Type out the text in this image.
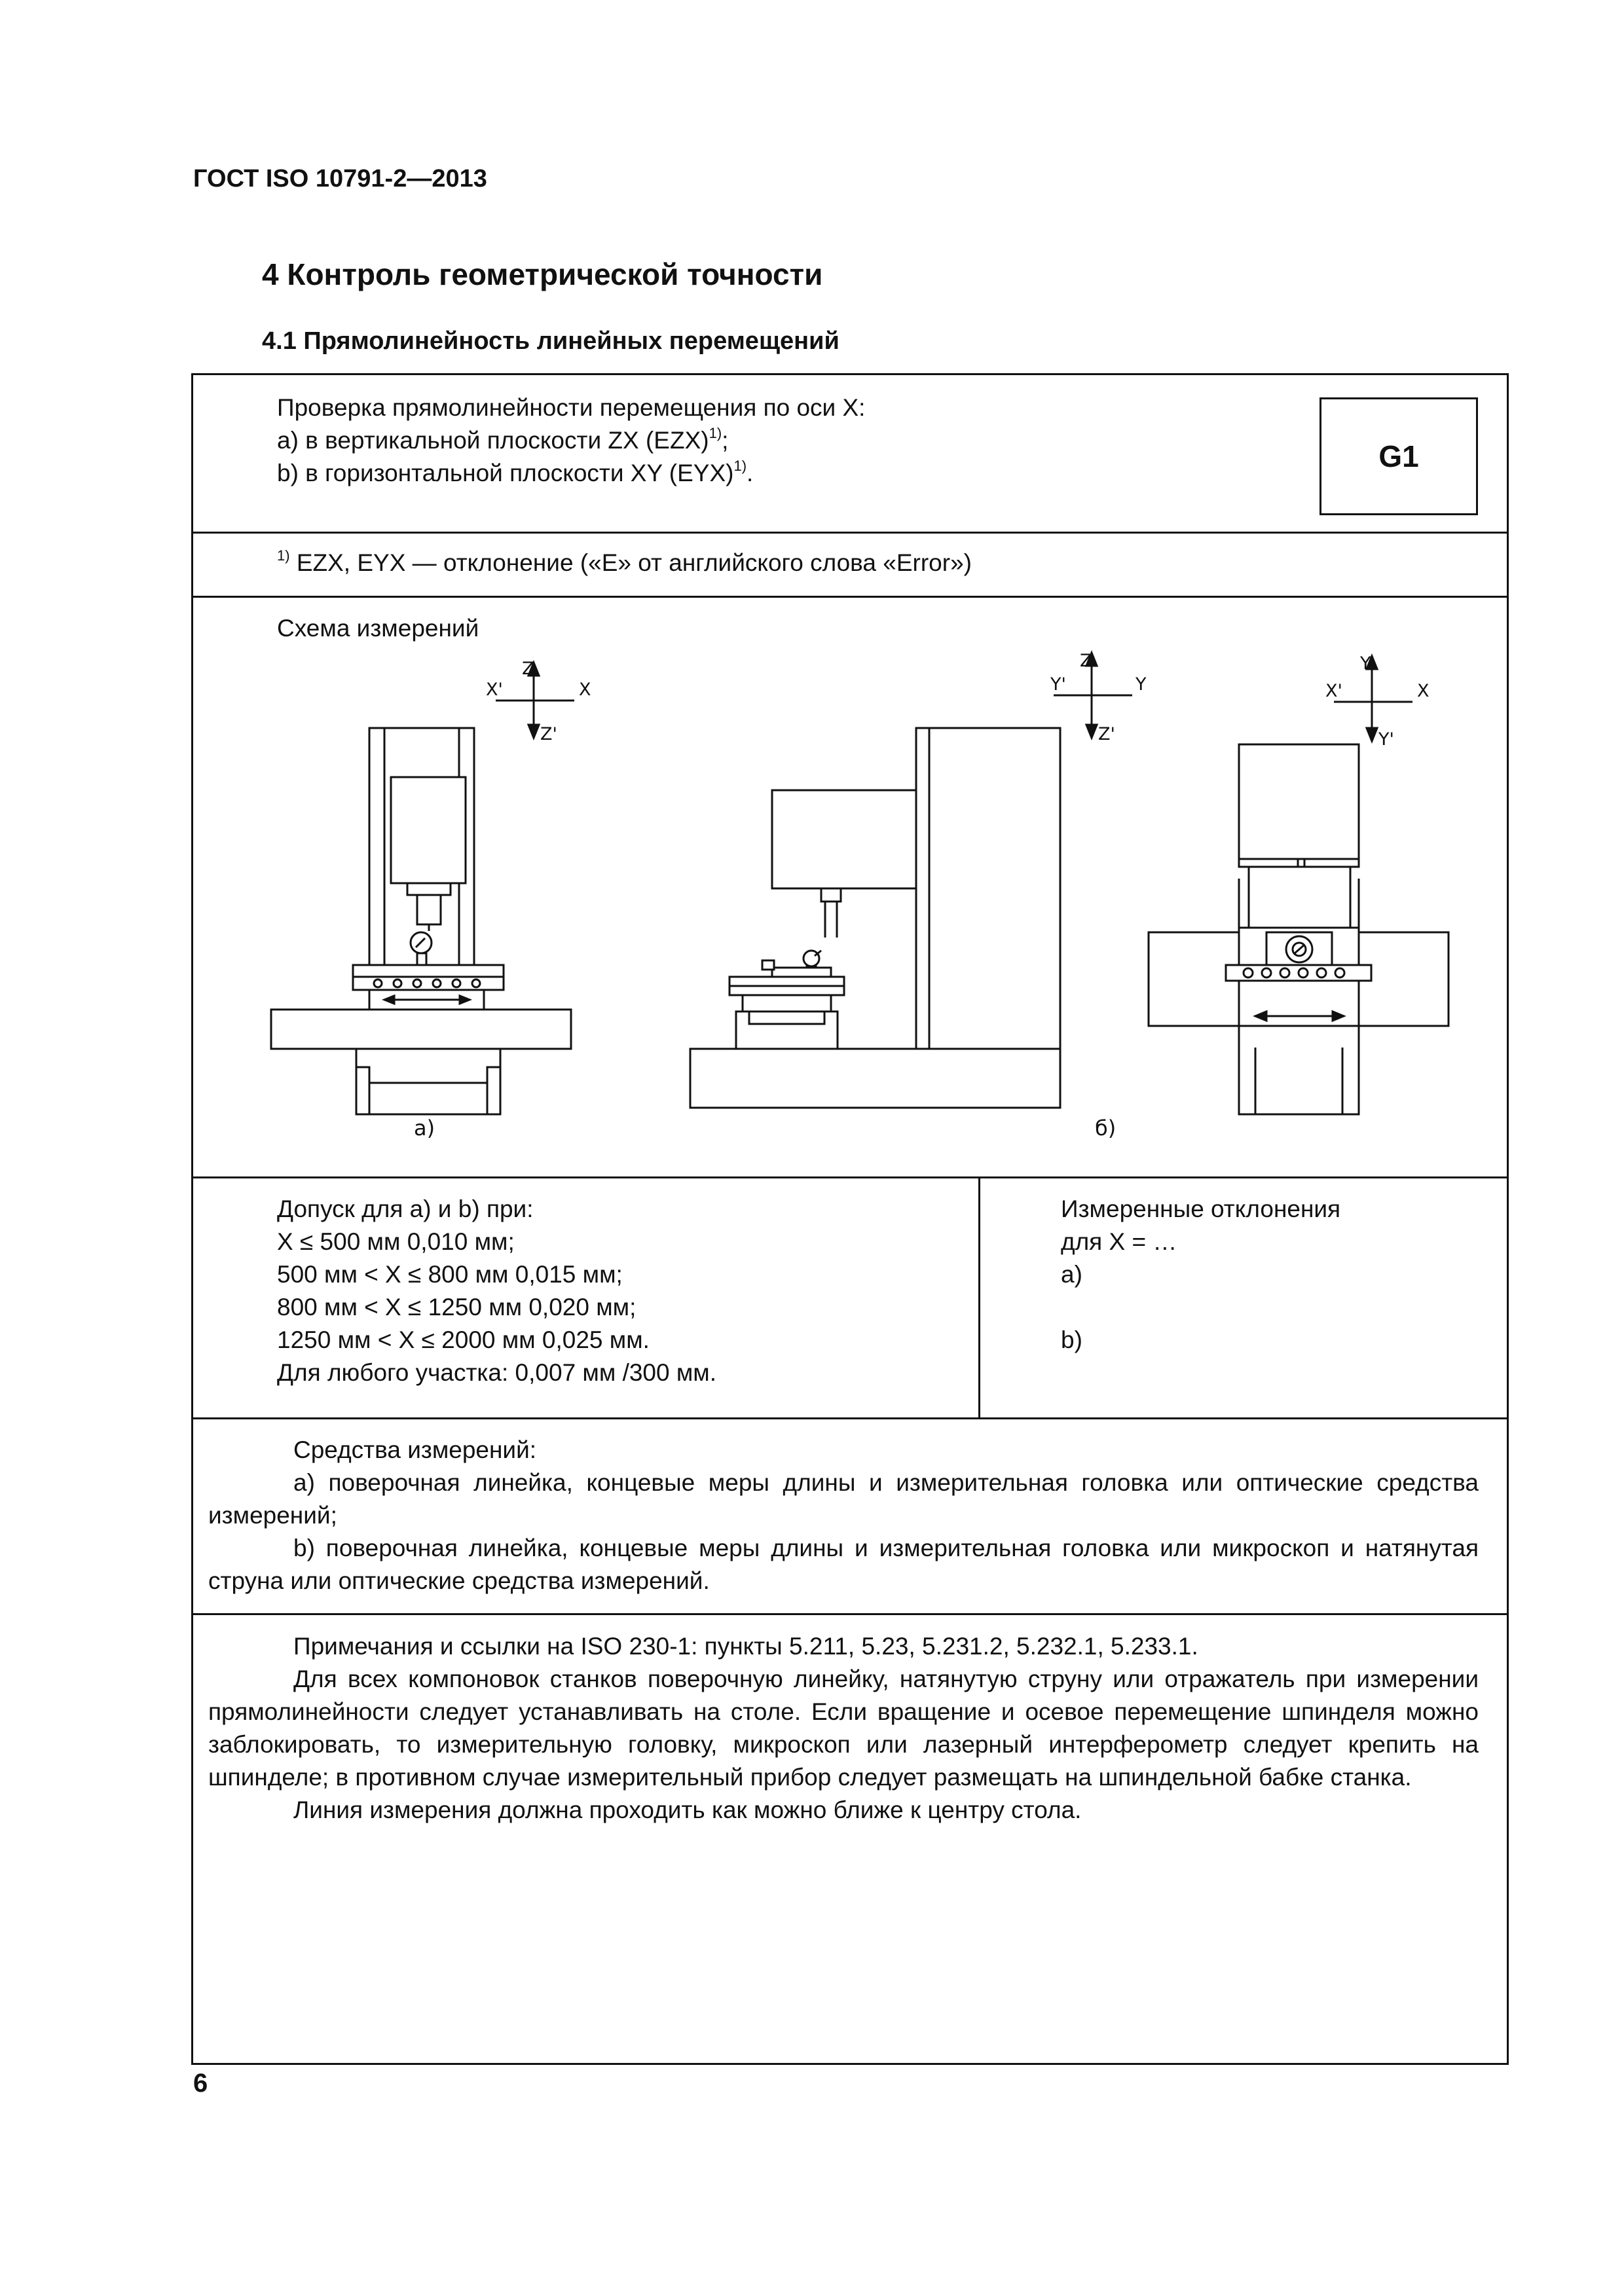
ГОСТ ISO 10791-2—2013
4 Контроль геометрической точности
4.1 Прямолинейность линейных перемещений
Проверка прямолинейности перемещения по оси X:
a) в вертикальной плоскости ZX (EZX)$^{1)}$;
b) в горизонтальной плоскости XY (EYX)$^{1)}$.	G1
$^{1)}$ EZX, EYX — отклонение («E» от английского слова «Error»)
Схема измерений
Z
Z'
X
X'
Z
Z'
Y
Y'
Y
Y'
X
X'
a)	б)
Допуск для a) и b) при:
X ≤ 500 мм 0,010 мм;
500 мм < X ≤ 800 мм 0,015 мм;
800 мм < X ≤ 1250 мм 0,020 мм;
1250 мм < X ≤ 2000 мм 0,025 мм.
Для любого участка: 0,007 мм /300 мм.
Измеренные отклонения
для X = …
a)
b)
Средства измерений:
a) поверочная линейка, концевые меры длины и измерительная головка или оптические средства измерений;
b) поверочная линейка, концевые меры длины и измерительная головка или микроскоп и натянутая струна или оптические средства измерений.
Примечания и ссылки на ISO 230-1: пункты 5.211, 5.23, 5.231.2, 5.232.1, 5.233.1.
Для всех компоновок станков поверочную линейку, натянутую струну или отражатель при измерении прямолинейности следует устанавливать на столе. Если вращение и осевое перемещение шпинделя можно заблокировать, то измерительную головку, микроскоп или лазерный интерферометр следует крепить на шпинделе; в противном случае измерительный прибор следует размещать на шпиндельной бабке станка.
Линия измерения должна проходить как можно ближе к центру стола.
6
